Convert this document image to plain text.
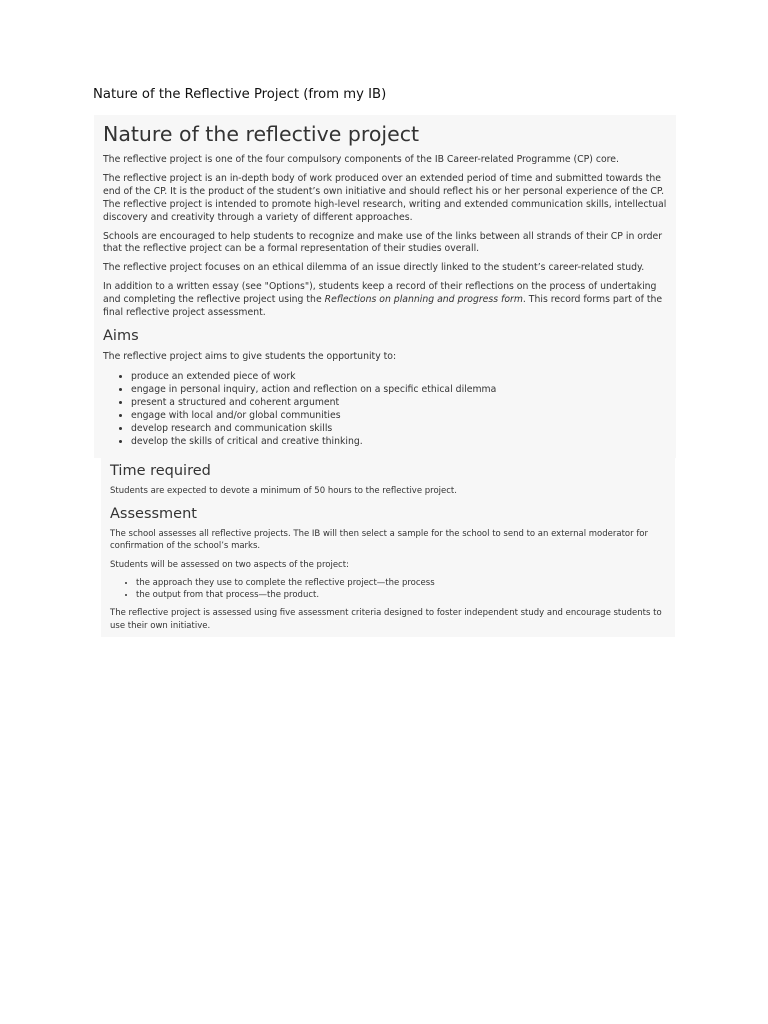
Nature of the Reflective Project (from my IB)
Nature of the reflective project

The reflective project is one of the four compulsory components of the IB Career-related Programme (CP) core.

The reflective project is an in-depth body of work produced over an extended period of time and submitted towards the end of the CP. It is the product of the student’s own initiative and should reflect his or her personal experience of the CP. The reflective project is intended to promote high-level research, writing and extended communication skills, intellectual discovery and creativity through a variety of different approaches.

Schools are encouraged to help students to recognize and make use of the links between all strands of their CP in order that the reflective project can be a formal representation of their studies overall.

The reflective project focuses on an ethical dilemma of an issue directly linked to the student’s career-related study.

In addition to a written essay (see "Options"), students keep a record of their reflections on the process of undertaking and completing the reflective project using the Reflections on planning and progress form. This record forms part of the final reflective project assessment.

Aims

The reflective project aims to give students the opportunity to:

• produce an extended piece of work
• engage in personal inquiry, action and reflection on a specific ethical dilemma
• present a structured and coherent argument
• engage with local and/or global communities
• develop research and communication skills
• develop the skills of critical and creative thinking.
Time required

Students are expected to devote a minimum of 50 hours to the reflective project.

Assessment

The school assesses all reflective projects. The IB will then select a sample for the school to send to an external moderator for confirmation of the school’s marks.

Students will be assessed on two aspects of the project:

• the approach they use to complete the reflective project—the process
• the output from that process—the product.

The reflective project is assessed using five assessment criteria designed to foster independent study and encourage students to use their own initiative.
